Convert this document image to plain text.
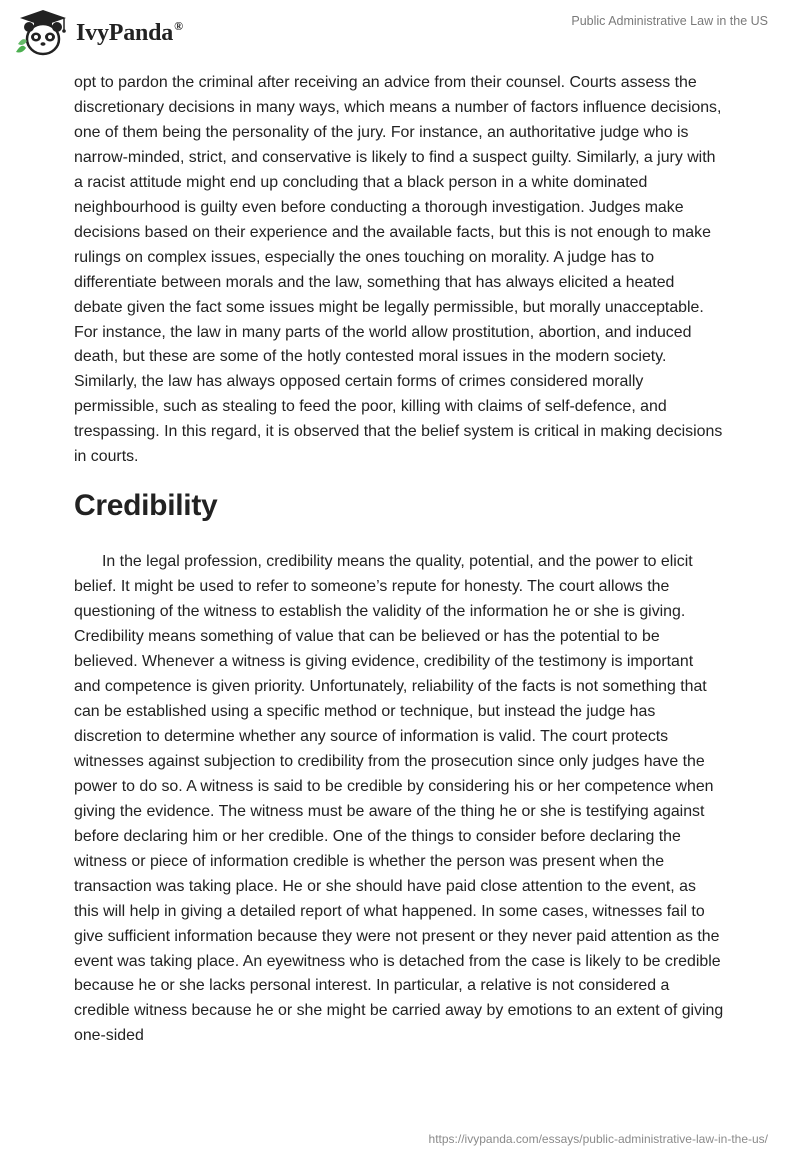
IvyPanda®	Public Administrative Law in the US

opt to pardon the criminal after receiving an advice from their counsel. Courts assess the discretionary decisions in many ways, which means a number of factors influence decisions, one of them being the personality of the jury. For instance, an authoritative judge who is narrow-minded, strict, and conservative is likely to find a suspect guilty. Similarly, a jury with a racist attitude might end up concluding that a black person in a white dominated neighbourhood is guilty even before conducting a thorough investigation. Judges make decisions based on their experience and the available facts, but this is not enough to make rulings on complex issues, especially the ones touching on morality. A judge has to differentiate between morals and the law, something that has always elicited a heated debate given the fact some issues might be legally permissible, but morally unacceptable. For instance, the law in many parts of the world allow prostitution, abortion, and induced death, but these are some of the hotly contested moral issues in the modern society. Similarly, the law has always opposed certain forms of crimes considered morally permissible, such as stealing to feed the poor, killing with claims of self-defence, and trespassing. In this regard, it is observed that the belief system is critical in making decisions in courts.

Credibility

In the legal profession, credibility means the quality, potential, and the power to elicit belief. It might be used to refer to someone’s repute for honesty. The court allows the questioning of the witness to establish the validity of the information he or she is giving. Credibility means something of value that can be believed or has the potential to be believed. Whenever a witness is giving evidence, credibility of the testimony is important and competence is given priority. Unfortunately, reliability of the facts is not something that can be established using a specific method or technique, but instead the judge has discretion to determine whether any source of information is valid. The court protects witnesses against subjection to credibility from the prosecution since only judges have the power to do so. A witness is said to be credible by considering his or her competence when giving the evidence. The witness must be aware of the thing he or she is testifying against before declaring him or her credible. One of the things to consider before declaring the witness or piece of information credible is whether the person was present when the transaction was taking place. He or she should have paid close attention to the event, as this will help in giving a detailed report of what happened. In some cases, witnesses fail to give sufficient information because they were not present or they never paid attention as the event was taking place. An eyewitness who is detached from the case is likely to be credible because he or she lacks personal interest. In particular, a relative is not considered a credible witness because he or she might be carried away by emotions to an extent of giving one-sided

https://ivypanda.com/essays/public-administrative-law-in-the-us/
